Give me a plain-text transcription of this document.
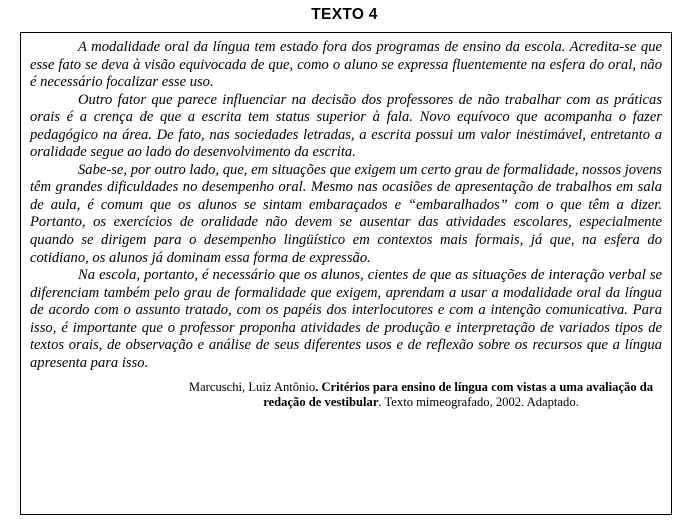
TEXTO 4

A modalidade oral da língua tem estado fora dos programas de ensino da escola. Acredita-se que esse fato se deva à visão equivocada de que, como o aluno se expressa fluentemente na esfera do oral, não é necessário focalizar esse uso.

Outro fator que parece influenciar na decisão dos professores de não trabalhar com as práticas orais é a crença de que a escrita tem status superior à fala. Novo equívoco que acompanha o fazer pedagógico na área. De fato, nas sociedades letradas, a escrita possui um valor inestimável, entretanto a oralidade segue ao lado do desenvolvimento da escrita.

Sabe-se, por outro lado, que, em situações que exigem um certo grau de formalidade, nossos jovens têm grandes dificuldades no desempenho oral. Mesmo nas ocasiões de apresentação de trabalhos em sala de aula, é comum que os alunos se sintam embaraçados e “embaralhados” com o que têm a dizer. Portanto, os exercícios de oralidade não devem se ausentar das atividades escolares, especialmente quando se dirigem para o desempenho lingüístico em contextos mais formais, já que, na esfera do cotidiano, os alunos já dominam essa forma de expressão.

Na escola, portanto, é necessário que os alunos, cientes de que as situações de interação verbal se diferenciam também pelo grau de formalidade que exigem, aprendam a usar a modalidade oral da língua de acordo com o assunto tratado, com os papéis dos interlocutores e com a intenção comunicativa. Para isso, é importante que o professor proponha atividades de produção e interpretação de variados tipos de textos orais, de observação e análise de seus diferentes usos e de reflexão sobre os recursos que a língua apresenta para isso.

Marcuschi, Luiz Antônio. Critérios para ensino de língua com vistas a uma avaliação da redação de vestibular. Texto mimeografado, 2002. Adaptado.
